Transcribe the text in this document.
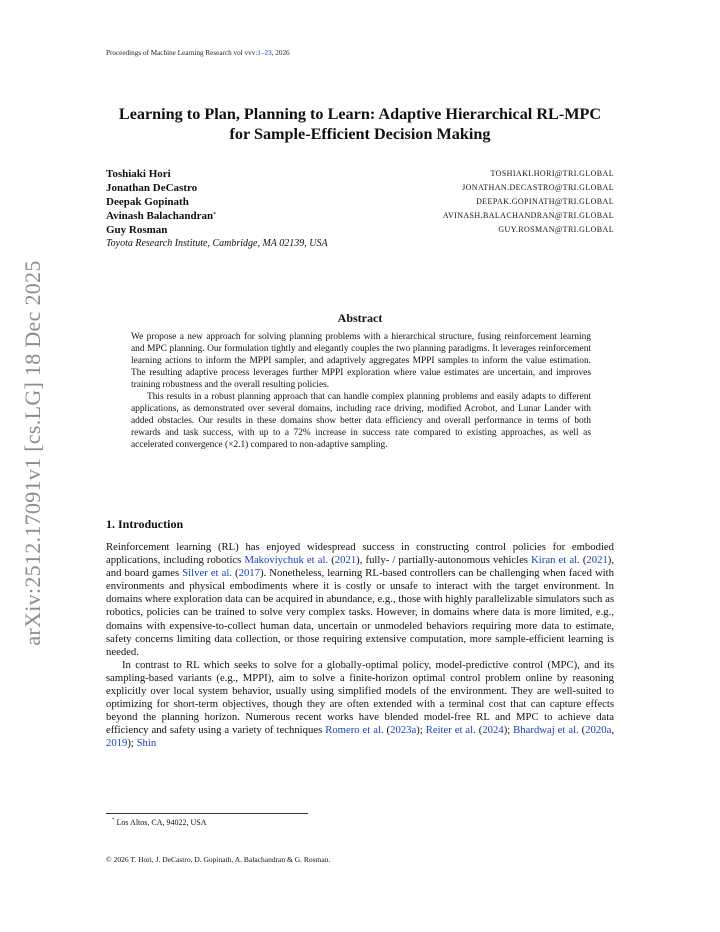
Proceedings of Machine Learning Research vol vvv:1–23, 2026
arXiv:2512.17091v1 [cs.LG] 18 Dec 2025
Learning to Plan, Planning to Learn: Adaptive Hierarchical RL-MPC
for Sample-Efficient Decision Making
Toshiaki Hori	TOSHIAKI.HORI@TRI.GLOBAL
Jonathan DeCastro	JONATHAN.DECASTRO@TRI.GLOBAL
Deepak Gopinath	DEEPAK.GOPINATH@TRI.GLOBAL
Avinash Balachandran*	AVINASH.BALACHANDRAN@TRI.GLOBAL
Guy Rosman	GUY.ROSMAN@TRI.GLOBAL
Toyota Research Institute, Cambridge, MA 02139, USA
Abstract

We propose a new approach for solving planning problems with a hierarchical structure, fusing reinforcement learning and MPC planning. Our formulation tightly and elegantly couples the two planning paradigms. It leverages reinforcement learning actions to inform the MPPI sampler, and adaptively aggregates MPPI samples to inform the value estimation. The resulting adaptive process leverages further MPPI exploration where value estimates are uncertain, and improves training robustness and the overall resulting policies.

This results in a robust planning approach that can handle complex planning problems and easily adapts to different applications, as demonstrated over several domains, including race driving, modified Acrobot, and Lunar Lander with added obstacles. Our results in these domains show better data efficiency and overall performance in terms of both rewards and task success, with up to a 72% increase in success rate compared to existing approaches, as well as accelerated convergence (×2.1) compared to non-adaptive sampling.

1. Introduction

Reinforcement learning (RL) has enjoyed widespread success in constructing control policies for embodied applications, including robotics Makoviychuk et al. (2021), fully- / partially-autonomous vehicles Kiran et al. (2021), and board games Silver et al. (2017). Nonetheless, learning RL-based controllers can be challenging when faced with environments and physical embodiments where it is costly or unsafe to interact with the target environment. In domains where exploration data can be acquired in abundance, e.g., those with highly parallelizable simulators such as robotics, policies can be trained to solve very complex tasks. However, in domains where data is more limited, e.g., domains with expensive-to-collect human data, uncertain or unmodeled behaviors requiring more data to estimate, safety concerns limiting data collection, or those requiring extensive computation, more sample-efficient learning is needed.

In contrast to RL which seeks to solve for a globally-optimal policy, model-predictive control (MPC), and its sampling-based variants (e.g., MPPI), aim to solve a finite-horizon optimal control problem online by reasoning explicitly over local system behavior, usually using simplified models of the environment. They are well-suited to optimizing for short-term objectives, though they are often extended with a terminal cost that can capture effects beyond the planning horizon. Numerous recent works have blended model-free RL and MPC to achieve data efficiency and safety using a variety of techniques Romero et al. (2023a); Reiter et al. (2024); Bhardwaj et al. (2020a, 2019); Shin

* Los Altos, CA, 94022, USA
© 2026 T. Hori, J. DeCastro, D. Gopinath, A. Balachandran & G. Rosman.
